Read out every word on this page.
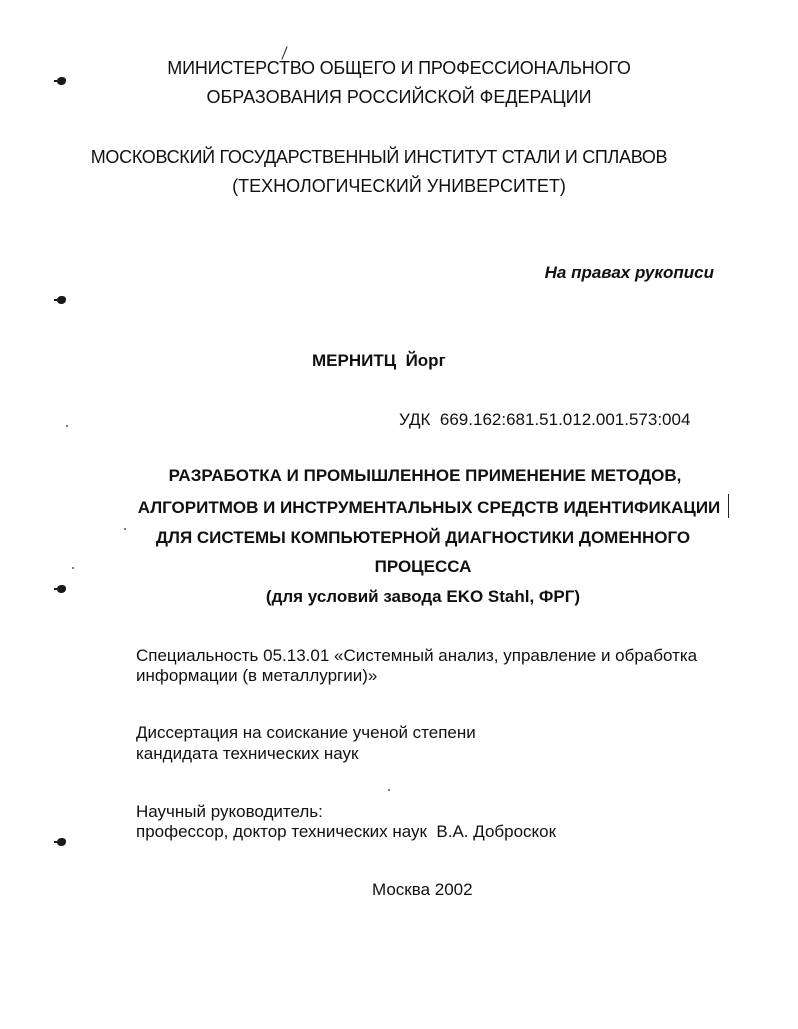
МИНИСТЕРСТВО ОБЩЕГО И ПРОФЕССИОНАЛЬНОГО
ОБРАЗОВАНИЯ РОССИЙСКОЙ ФЕДЕРАЦИИ
МОСКОВСКИЙ ГОСУДАРСТВЕННЫЙ ИНСТИТУТ СТАЛИ И СПЛАВОВ
(ТЕХНОЛОГИЧЕСКИЙ УНИВЕРСИТЕТ)
На правах рукописи
МЕРНИТЦ  Йорг
УДК  669.162:681.51.012.001.573:004
РАЗРАБОТКА И ПРОМЫШЛЕННОЕ ПРИМЕНЕНИЕ МЕТОДОВ,
АЛГОРИТМОВ И ИНСТРУМЕНТАЛЬНЫХ СРЕДСТВ ИДЕНТИФИКАЦИИ
ДЛЯ СИСТЕМЫ КОМПЬЮТЕРНОЙ ДИАГНОСТИКИ ДОМЕННОГО
ПРОЦЕССА
(для условий завода EKO Stahl, ФРГ)
Специальность 05.13.01 «Системный анализ, управление и обработка
информации (в металлургии)»
Диссертация на соискание ученой степени
кандидата технических наук
Научный руководитель:
профессор, доктор технических наук  В.А. Доброскок
Москва 2002
